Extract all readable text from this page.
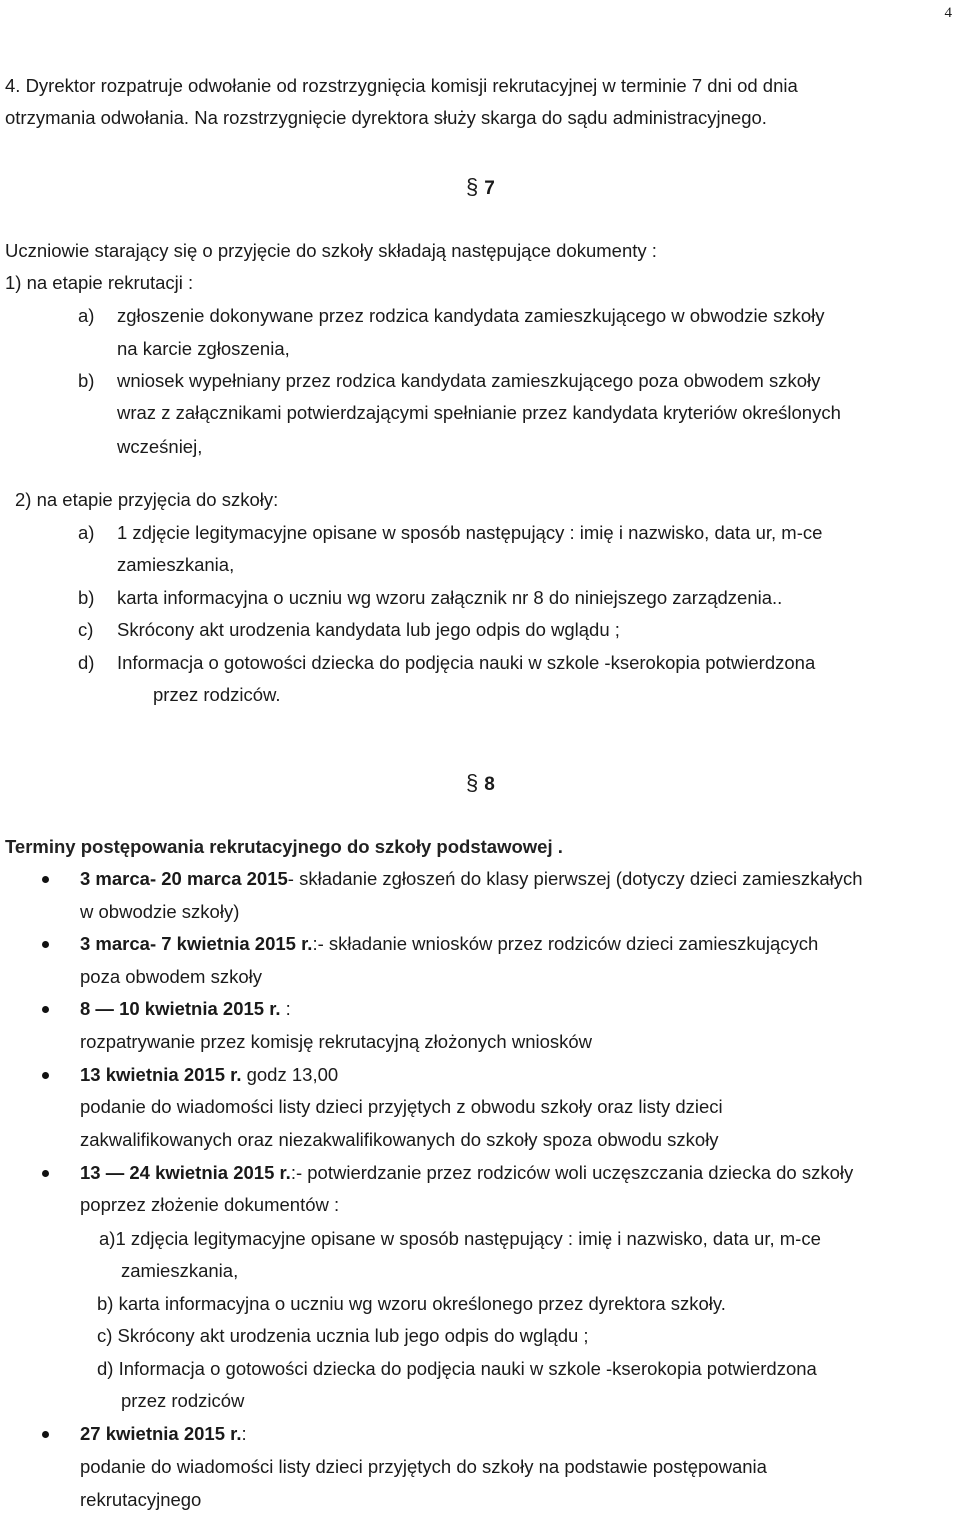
4
4. Dyrektor rozpatruje odwołanie od rozstrzygnięcia komisji rekrutacyjnej w terminie 7 dni od dnia
otrzymania odwołania. Na rozstrzygnięcie dyrektora służy skarga do sądu administracyjnego.
§ 7
Uczniowie starający się o przyjęcie do szkoły składają następujące dokumenty :
1) na etapie rekrutacji :
a) zgłoszenie dokonywane przez rodzica kandydata zamieszkującego w obwodzie szkoły
na karcie zgłoszenia,
b) wniosek wypełniany przez rodzica kandydata zamieszkującego poza obwodem szkoły
wraz z załącznikami potwierdzającymi spełnianie przez kandydata kryteriów określonych
wcześniej,
2) na etapie przyjęcia do szkoły:
a) 1 zdjęcie legitymacyjne opisane w sposób następujący : imię i nazwisko, data ur, m-ce
zamieszkania,
b) karta informacyjna o uczniu wg wzoru załącznik nr 8 do niniejszego zarządzenia..
c) Skrócony akt urodzenia kandydata lub jego odpis do wglądu ;
d) Informacja o gotowości dziecka do podjęcia nauki w szkole -kserokopia potwierdzona
przez rodziców.
§ 8
Terminy postępowania rekrutacyjnego do szkoły podstawowej .
3 marca- 20 marca 2015- składanie zgłoszeń do klasy pierwszej (dotyczy dzieci zamieszkałych
w obwodzie szkoły)
3 marca- 7 kwietnia 2015 r.:- składanie wniosków przez rodziców dzieci zamieszkujących
poza obwodem szkoły
8 — 10 kwietnia 2015 r. :
rozpatrywanie przez komisję rekrutacyjną złożonych wniosków
13 kwietnia 2015 r. godz 13,00
podanie do wiadomości listy dzieci przyjętych z obwodu szkoły oraz listy dzieci
zakwalifikowanych oraz niezakwalifikowanych do szkoły spoza obwodu szkoły
13 — 24 kwietnia 2015 r.:- potwierdzanie przez rodziców woli uczęszczania dziecka do szkoły
poprzez złożenie dokumentów :
a)1 zdjęcia legitymacyjne opisane w sposób następujący : imię i nazwisko, data ur, m-ce
zamieszkania,
b) karta informacyjna o uczniu wg wzoru określonego przez dyrektora szkoły.
c) Skrócony akt urodzenia ucznia lub jego odpis do wglądu ;
d) Informacja o gotowości dziecka do podjęcia nauki w szkole -kserokopia potwierdzona
przez rodziców
27 kwietnia 2015 r.:
podanie do wiadomości listy dzieci przyjętych do szkoły na podstawie postępowania
rekrutacyjnego
